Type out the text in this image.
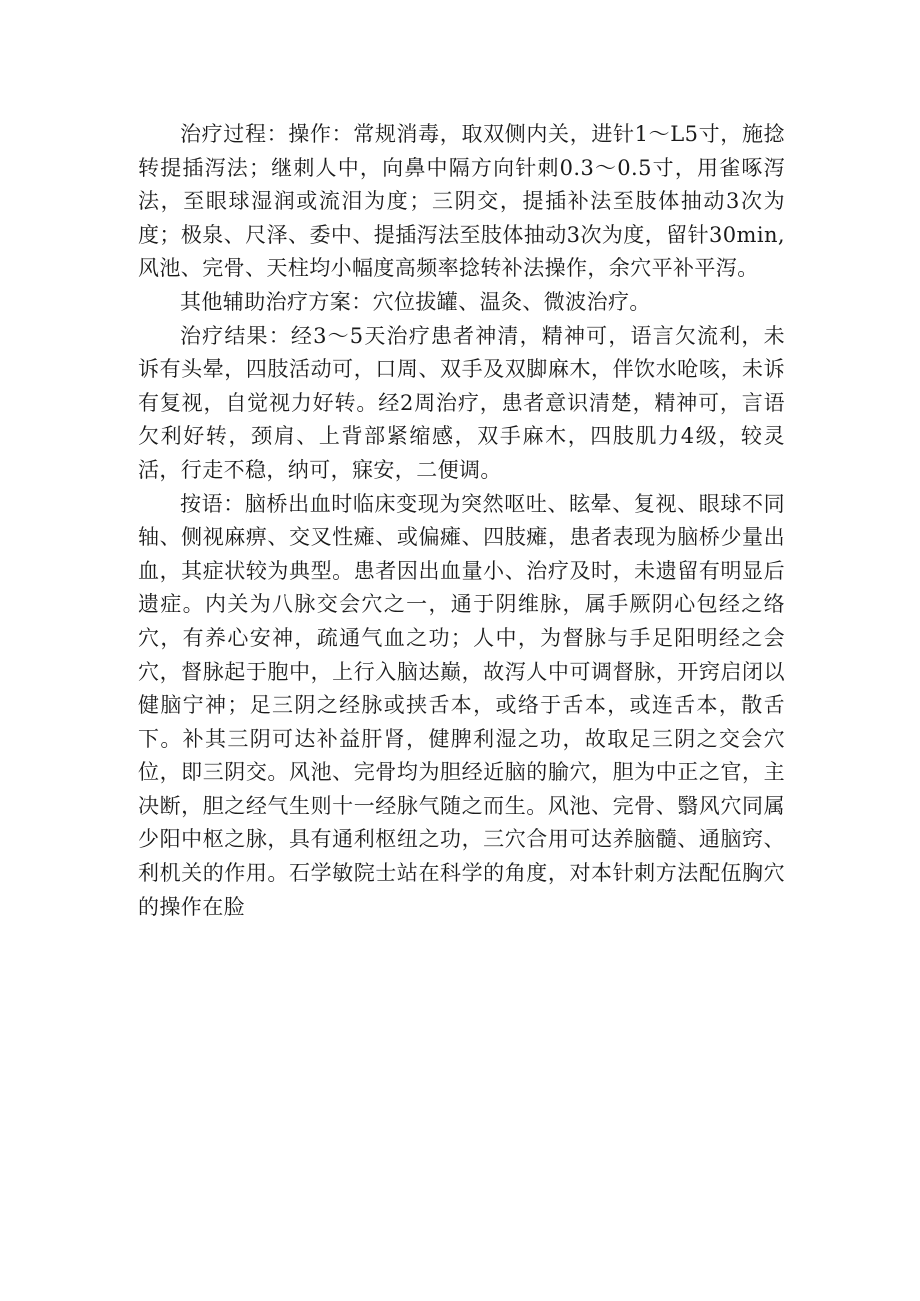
治疗过程：操作：常规消毒，取双侧内关，进针1～L5寸，施捻转提插泻法；继刺人中，向鼻中隔方向针刺0.3～0.5寸，用雀啄泻法，至眼球湿润或流泪为度；三阴交，提插补法至肢体抽动3次为度；极泉、尺泽、委中、提插泻法至肢体抽动3次为度，留针30min,风池、完骨、天柱均小幅度高频率捻转补法操作，余穴平补平泻。

其他辅助治疗方案：穴位拔罐、温灸、微波治疗。

治疗结果：经3～5天治疗患者神清，精神可，语言欠流利，未诉有头晕，四肢活动可，口周、双手及双脚麻木，伴饮水呛咳，未诉有复视，自觉视力好转。经2周治疗，患者意识清楚，精神可，言语欠利好转，颈肩、上背部紧缩感，双手麻木，四肢肌力4级，较灵活，行走不稳，纳可，寐安，二便调。

按语：脑桥出血时临床变现为突然呕吐、眩晕、复视、眼球不同轴、侧视麻痹、交叉性瘫、或偏瘫、四肢瘫，患者表现为脑桥少量出血，其症状较为典型。患者因出血量小、治疗及时，未遗留有明显后遗症。内关为八脉交会穴之一，通于阴维脉，属手厥阴心包经之络穴，有养心安神，疏通气血之功；人中，为督脉与手足阳明经之会穴，督脉起于胞中，上行入脑达巅，故泻人中可调督脉，开窍启闭以健脑宁神；足三阴之经脉或挟舌本，或络于舌本，或连舌本，散舌下。补其三阴可达补益肝肾，健脾利湿之功，故取足三阴之交会穴位，即三阴交。风池、完骨均为胆经近脑的腧穴，胆为中正之官，主决断，胆之经气生则十一经脉气随之而生。风池、完骨、翳风穴同属少阳中枢之脉，具有通利枢纽之功，三穴合用可达养脑髓、通脑窍、利机关的作用。石学敏院士站在科学的角度，对本针刺方法配伍胸穴的操作在脸
